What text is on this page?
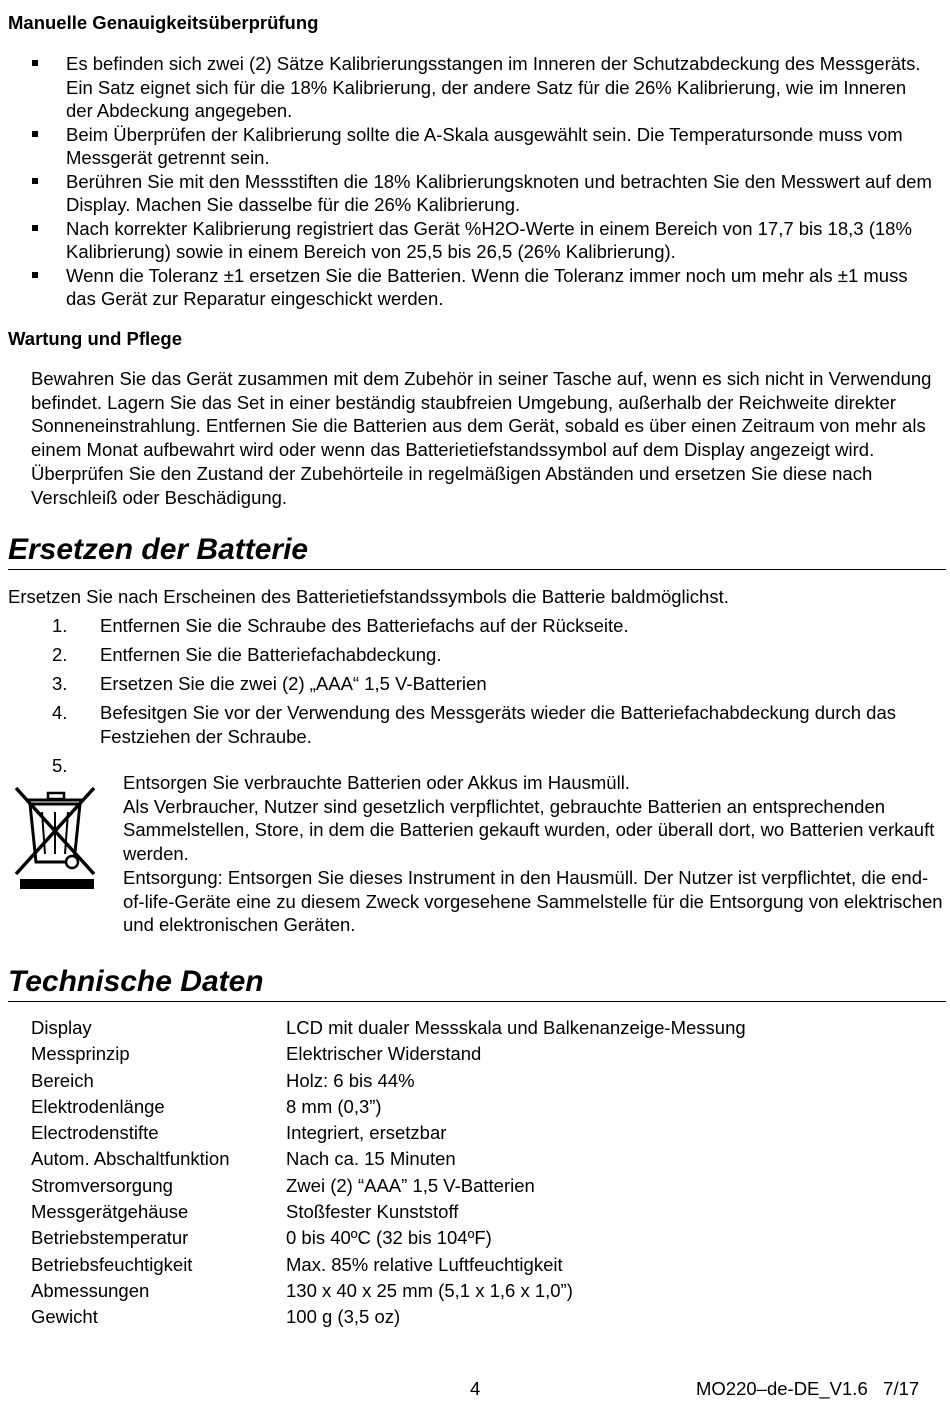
Manuelle Genauigkeitsüberprüfung
Es befinden sich zwei (2) Sätze Kalibrierungsstangen im Inneren der Schutzabdeckung des Messgeräts. Ein Satz eignet sich für die 18% Kalibrierung, der andere Satz für die 26% Kalibrierung, wie im Inneren der Abdeckung angegeben.
Beim Überprüfen der Kalibrierung sollte die A-Skala ausgewählt sein. Die Temperatursonde muss vom Messgerät getrennt sein.
Berühren Sie mit den Messstiften die 18% Kalibrierungsknoten und betrachten Sie den Messwert auf dem Display. Machen Sie dasselbe für die 26% Kalibrierung.
Nach korrekter Kalibrierung registriert das Gerät %H2O-Werte in einem Bereich von 17,7 bis 18,3 (18% Kalibrierung) sowie in einem Bereich von 25,5 bis 26,5 (26% Kalibrierung).
Wenn die Toleranz ±1 ersetzen Sie die Batterien. Wenn die Toleranz immer noch um mehr als ±1 muss das Gerät zur Reparatur eingeschickt werden.
Wartung und Pflege

Bewahren Sie das Gerät zusammen mit dem Zubehör in seiner Tasche auf, wenn es sich nicht in Verwendung befindet. Lagern Sie das Set in einer beständig staubfreien Umgebung, außerhalb der Reichweite direkter Sonneneinstrahlung. Entfernen Sie die Batterien aus dem Gerät, sobald es über einen Zeitraum von mehr als einem Monat aufbewahrt wird oder wenn das Batterietiefstandssymbol auf dem Display angezeigt wird. Überprüfen Sie den Zustand der Zubehörteile in regelmäßigen Abständen und ersetzen Sie diese nach Verschleiß oder Beschädigung.

Ersetzen der Batterie
Ersetzen Sie nach Erscheinen des Batterietiefstandssymbols die Batterie baldmöglichst.
1. Entfernen Sie die Schraube des Batteriefachs auf der Rückseite.
2. Entfernen Sie die Batteriefachabdeckung.
3. Ersetzen Sie die zwei (2) „AAA“ 1,5 V-Batterien
4. Befesitgen Sie vor der Verwendung des Messgeräts wieder die Batteriefachabdeckung durch das Festziehen der Schraube.
5.
Entsorgen Sie verbrauchte Batterien oder Akkus im Hausmüll.
Als Verbraucher, Nutzer sind gesetzlich verpflichtet, gebrauchte Batterien an entsprechenden Sammelstellen, Store, in dem die Batterien gekauft wurden, oder überall dort, wo Batterien verkauft werden.
Entsorgung: Entsorgen Sie dieses Instrument in den Hausmüll. Der Nutzer ist verpflichtet, die end-of-life-Geräte eine zu diesem Zweck vorgesehene Sammelstelle für die Entsorgung von elektrischen und elektronischen Geräten.
Technische Daten
Display	LCD mit dualer Messskala und Balkenanzeige-Messung
Messprinzip	Elektrischer Widerstand
Bereich	Holz: 6 bis 44%
Elektrodenlänge	8 mm (0,3”)
Electrodenstifte	Integriert, ersetzbar
Autom. Abschaltfunktion	Nach ca. 15 Minuten
Stromversorgung	Zwei (2) “AAA” 1,5 V-Batterien
Messgerätgehäuse	Stoßfester Kunststoff
Betriebstemperatur	0 bis 40ºC (32 bis 104ºF)
Betriebsfeuchtigkeit	Max. 85% relative Luftfeuchtigkeit
Abmessungen	130 x 40 x 25 mm (5,1 x 1,6 x 1,0”)
Gewicht	100 g (3,5 oz)
4	MO220–de-DE_V1.6   7/17
